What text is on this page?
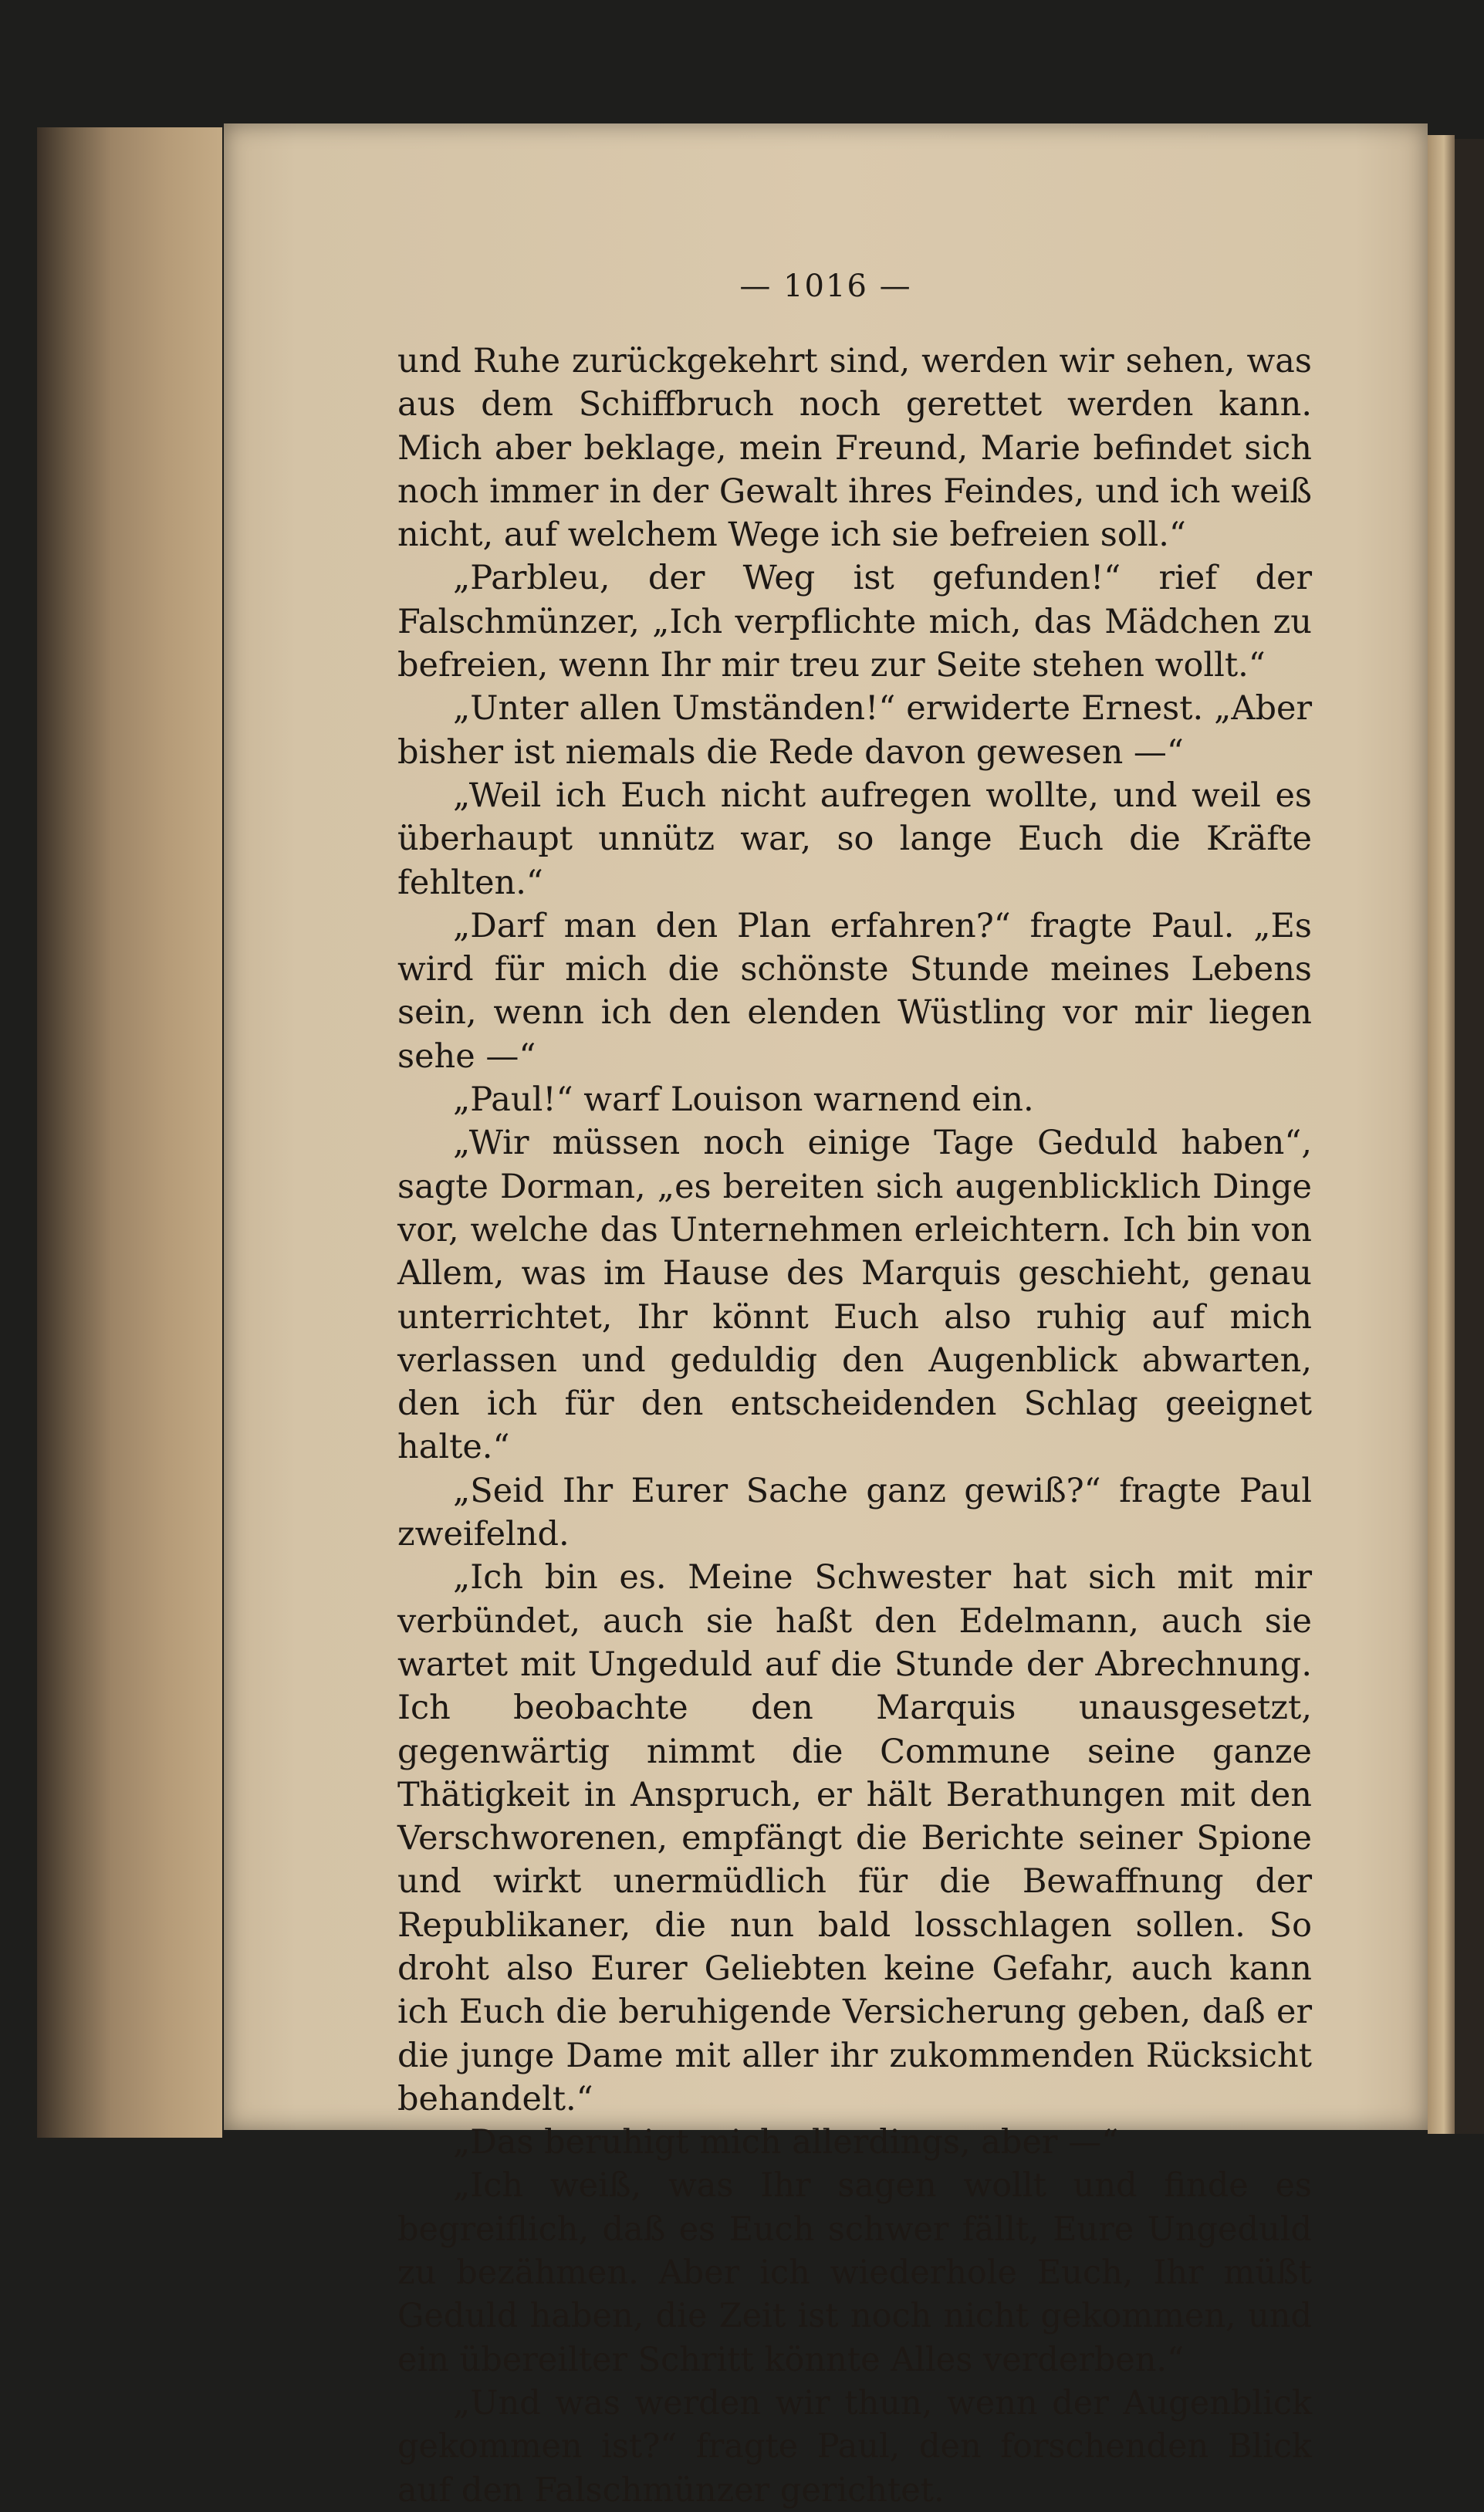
— 1016 —

und Ruhe zurückgekehrt sind, werden wir sehen, was aus dem Schiffbruch noch gerettet werden kann. Mich aber beklage, mein Freund, Marie befindet sich noch immer in der Gewalt ihres Feindes, und ich weiß nicht, auf welchem Wege ich sie befreien soll.“

„Parbleu, der Weg ist gefunden!“ rief der Falschmünzer, „Ich verpflichte mich, das Mädchen zu befreien, wenn Ihr mir treu zur Seite stehen wollt.“

„Unter allen Umständen!“ erwiderte Ernest. „Aber bisher ist niemals die Rede davon gewesen —“

„Weil ich Euch nicht aufregen wollte, und weil es überhaupt unnütz war, so lange Euch die Kräfte fehlten.“

„Darf man den Plan erfahren?“ fragte Paul. „Es wird für mich die schönste Stunde meines Lebens sein, wenn ich den elenden Wüstling vor mir liegen sehe —“

„Paul!“ warf Louison warnend ein.

„Wir müssen noch einige Tage Geduld haben“, sagte Dorman, „es bereiten sich augenblicklich Dinge vor, welche das Unternehmen erleichtern. Ich bin von Allem, was im Hause des Marquis geschieht, genau unterrichtet, Ihr könnt Euch also ruhig auf mich verlassen und geduldig den Augenblick abwarten, den ich für den entscheidenden Schlag geeignet halte.“

„Seid Ihr Eurer Sache ganz gewiß?“ fragte Paul zweifelnd.

„Ich bin es. Meine Schwester hat sich mit mir verbündet, auch sie haßt den Edelmann, auch sie wartet mit Ungeduld auf die Stunde der Abrechnung. Ich beobachte den Marquis unausgesetzt, gegenwärtig nimmt die Commune seine ganze Thätigkeit in Anspruch, er hält Berathungen mit den Verschworenen, empfängt die Berichte seiner Spione und wirkt unermüdlich für die Bewaffnung der Republikaner, die nun bald losschlagen sollen. So droht also Eurer Geliebten keine Gefahr, auch kann ich Euch die beruhigende Versicherung geben, daß er die junge Dame mit aller ihr zukommenden Rücksicht behandelt.“

„Das beruhigt mich allerdings, aber —“

„Ich weiß, was Ihr sagen wollt und finde es begreiflich, daß es Euch schwer fällt, Eure Ungeduld zu bezähmen. Aber ich wiederhole Euch, Ihr müßt Geduld haben, die Zeit ist noch nicht gekommen, und ein übereilter Schritt könnte Alles verderben.“

„Und was werden wir thun, wenn der Augenblick gekommen ist?“ fragte Paul, den forschenden Blick auf den Falschmünzer gerichtet.
